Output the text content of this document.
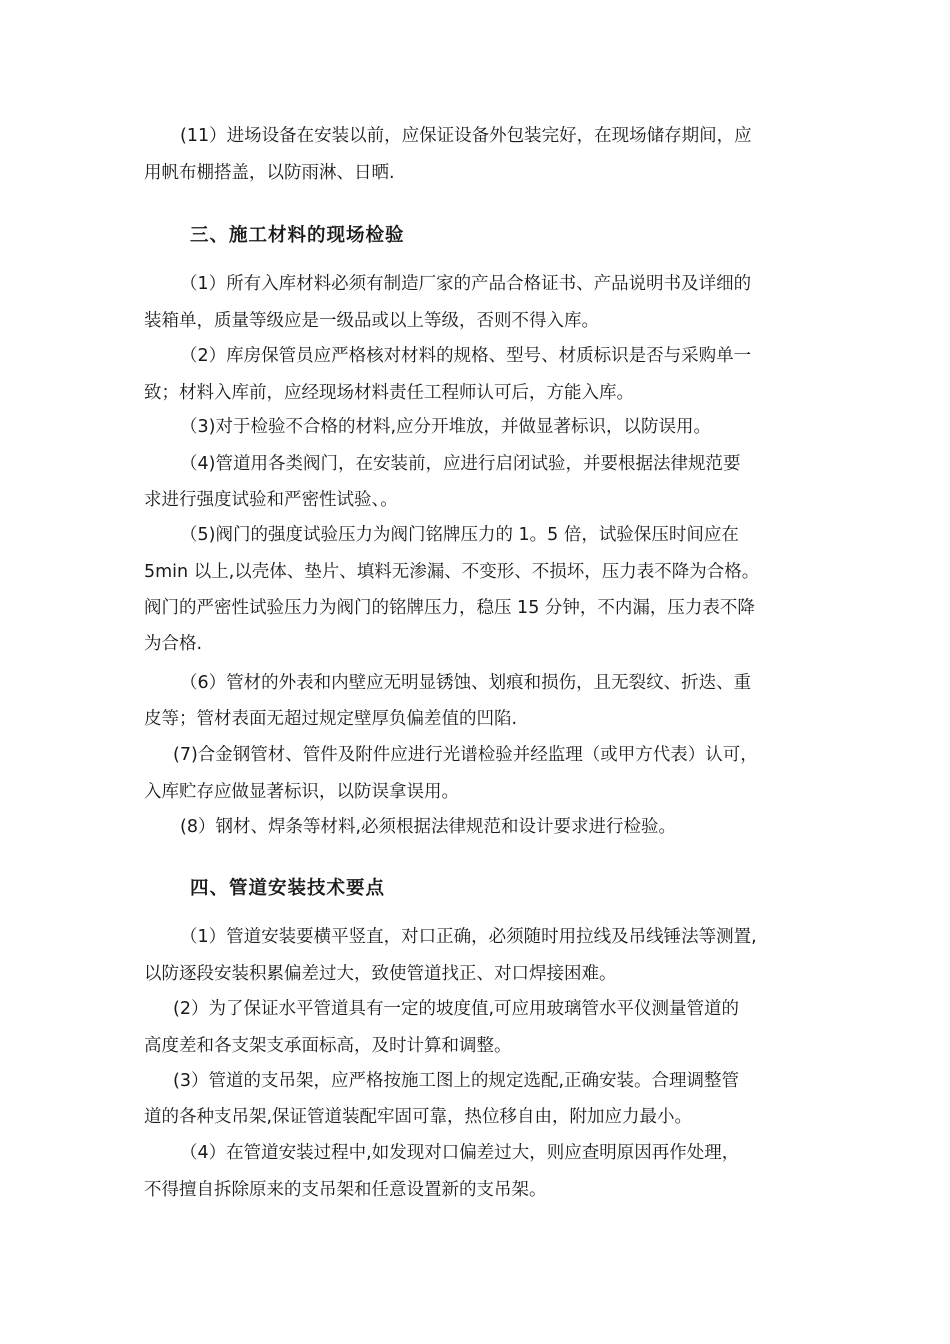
(11）进场设备在安装以前，应保证设备外包装完好，在现场储存期间，应
用帆布棚搭盖，以防雨淋、日晒.
三、施工材料的现场检验
（1）所有入库材料必须有制造厂家的产品合格证书、产品说明书及详细的
装箱单，质量等级应是一级品或以上等级，否则不得入库。
（2）库房保管员应严格核对材料的规格、型号、材质标识是否与采购单一
致；材料入库前，应经现场材料责任工程师认可后，方能入库。
（3)对于检验不合格的材料,应分开堆放，并做显著标识，以防误用。
（4)管道用各类阀门，在安装前，应进行启闭试验，并要根据法律规范要
求进行强度试验和严密性试验、。
（5)阀门的强度试验压力为阀门铭牌压力的 1。5 倍，试验保压时间应在
5min 以上,以壳体、垫片、填料无渗漏、不变形、不损坏，压力表不降为合格。
阀门的严密性试验压力为阀门的铭牌压力，稳压 15 分钟，不内漏，压力表不降
为合格.
（6）管材的外表和内壁应无明显锈蚀、划痕和损伤，且无裂纹、折迭、重
皮等；管材表面无超过规定壁厚负偏差值的凹陷.
(7)合金钢管材、管件及附件应进行光谱检验并经监理（或甲方代表）认可，
入库贮存应做显著标识，以防误拿误用。
(8）钢材、焊条等材料,必须根据法律规范和设计要求进行检验。
四、管道安装技术要点
（1）管道安装要横平竖直，对口正确，必须随时用拉线及吊线锤法等测置,
以防逐段安装积累偏差过大，致使管道找正、对口焊接困难。
(2）为了保证水平管道具有一定的坡度值,可应用玻璃管水平仪测量管道的
高度差和各支架支承面标高，及时计算和调整。
(3）管道的支吊架，应严格按施工图上的规定选配,正确安装。合理调整管
道的各种支吊架,保证管道装配牢固可靠，热位移自由，附加应力最小。
（4）在管道安装过程中,如发现对口偏差过大，则应查明原因再作处理，
不得擅自拆除原来的支吊架和任意设置新的支吊架。
